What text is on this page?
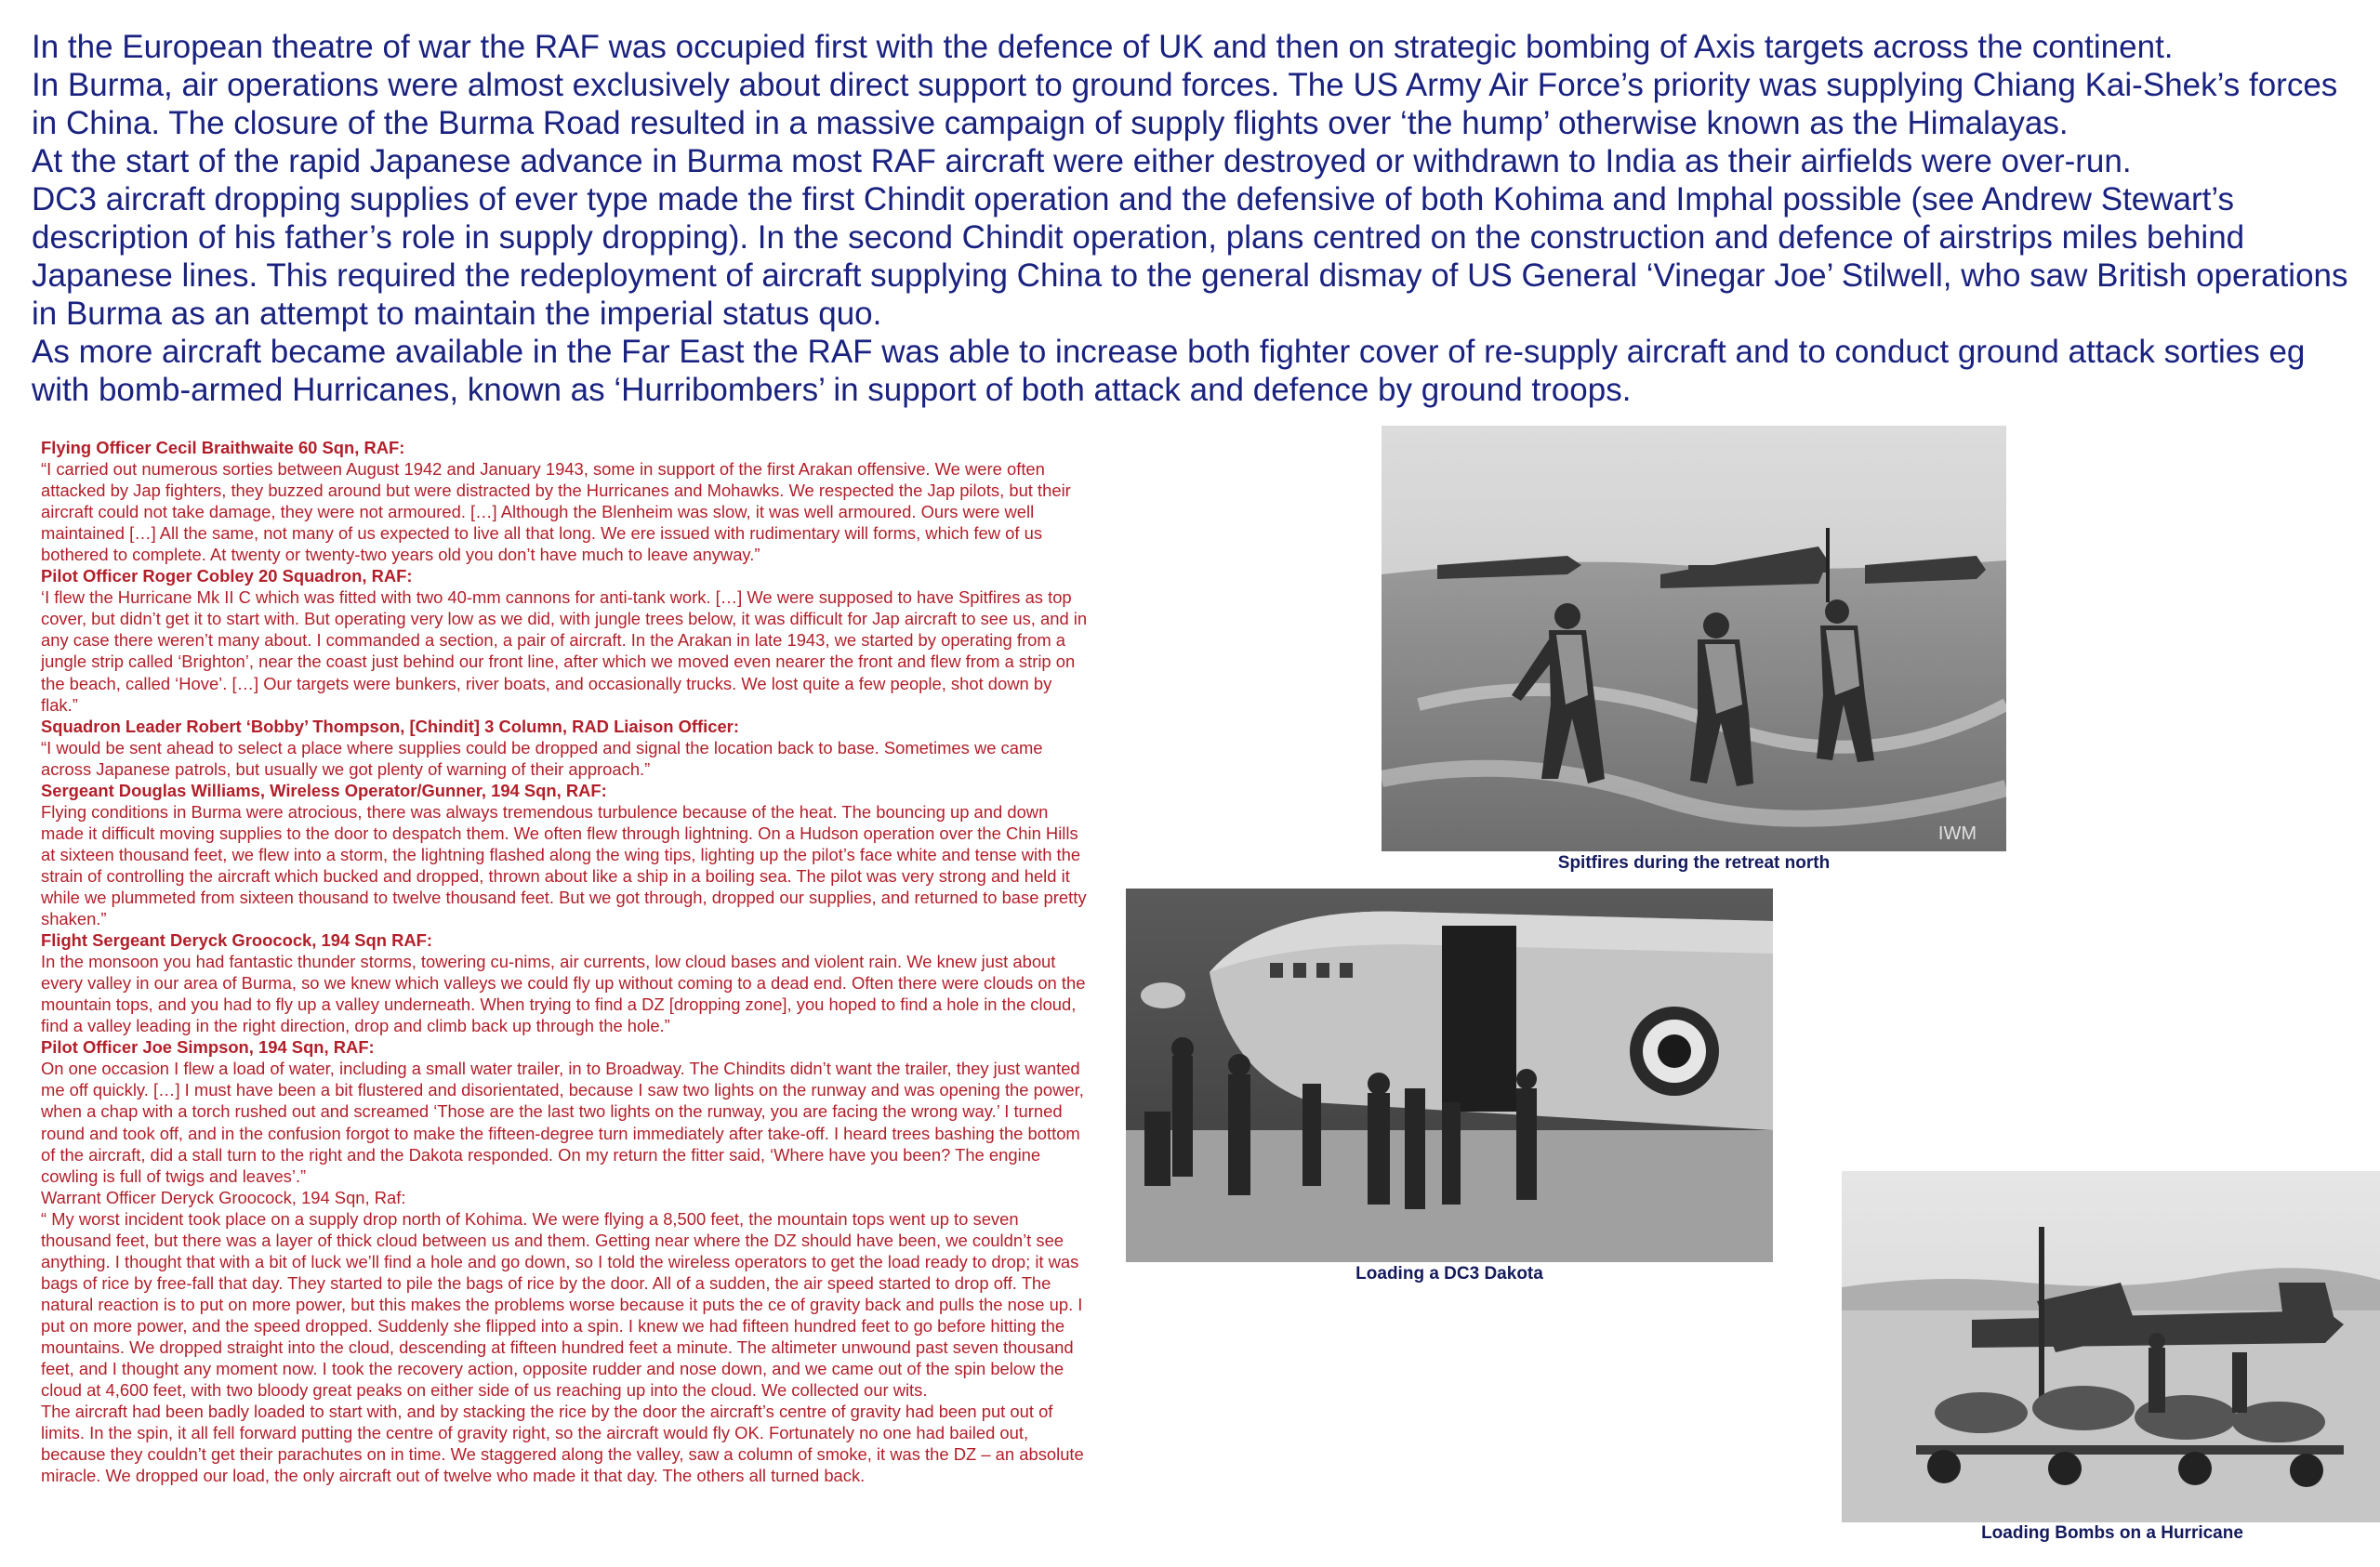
In the European theatre of war the RAF was occupied first with the defence of UK and then on strategic bombing of Axis targets across the continent.

In Burma, air operations were almost exclusively about direct support to ground forces. The US Army Air Force’s priority was supplying Chiang Kai-Shek’s forces in China. The closure of the Burma Road resulted in a massive campaign of supply flights over ‘the hump’ otherwise known as the Himalayas.

At the start of the rapid Japanese advance in Burma most RAF aircraft were either destroyed or withdrawn to India as their airfields were over-run.

DC3 aircraft dropping supplies of ever type made the first Chindit operation and the defensive of both Kohima and Imphal possible (see Andrew Stewart’s description of his father’s role in supply dropping). In the second Chindit operation, plans centred on the construction and defence of airstrips miles behind Japanese lines. This required the redeployment of aircraft supplying China to the general dismay of US General ‘Vinegar Joe’ Stilwell, who saw British operations in Burma as an attempt to maintain the imperial status quo.

As more aircraft became available in the Far East the RAF was able to increase both fighter cover of re-supply aircraft and to conduct ground attack sorties eg with bomb-armed Hurricanes, known as ‘Hurribombers’ in support of both attack and defence by ground troops.

Flying Officer Cecil Braithwaite 60 Sqn, RAF:
“I carried out numerous sorties between August 1942 and January 1943, some in support of the first Arakan offensive. We were often attacked by Jap fighters, they buzzed around but were distracted by the Hurricanes and Mohawks. We respected the Jap pilots, but their aircraft could not take damage, they were not armoured. […] Although the Blenheim was slow, it was well armoured. Ours were well maintained […] All the same, not many of us expected to live all that long. We ere issued with rudimentary will forms, which few of us bothered to complete. At twenty or twenty-two years old you don’t have much to leave anyway.”
Pilot Officer Roger Cobley 20 Squadron, RAF:
‘I flew the Hurricane Mk II C which was fitted with two 40-mm cannons for anti-tank work. […] We were supposed to have Spitfires as top cover, but didn’t get it to start with. But operating very low as we did, with jungle trees below, it was difficult for Jap aircraft to see us, and in any case there weren’t many about. I commanded a section, a pair of aircraft. In the Arakan in late 1943, we started by operating from a jungle strip called ‘Brighton’, near the coast just behind our front line, after which we moved even nearer the front and flew from a strip on the beach, called ‘Hove’. […] Our targets were bunkers, river boats, and occasionally trucks. We lost quite a few people, shot down by flak.”
Squadron Leader Robert ‘Bobby’ Thompson, [Chindit] 3 Column, RAD Liaison Officer:
“I would be sent ahead to select a place where supplies could be dropped and signal the location back to base. Sometimes we came across Japanese patrols, but usually we got plenty of warning of their approach.”
Sergeant Douglas Williams, Wireless Operator/Gunner, 194 Sqn, RAF:
Flying conditions in Burma were atrocious, there was always tremendous turbulence because of the heat. The bouncing up and down made it difficult moving supplies to the door to despatch them. We often flew through lightning. On a Hudson operation over the Chin Hills at sixteen thousand feet, we flew into a storm, the lightning flashed along the wing tips, lighting up the pilot’s face white and tense with the strain of controlling the aircraft which bucked and dropped, thrown about like a ship in a boiling sea. The pilot was very strong and held it while we plummeted from sixteen thousand to twelve thousand feet. But we got through, dropped our supplies, and returned to base pretty shaken.”
Flight Sergeant Deryck Groocock, 194 Sqn RAF:
In the monsoon you had fantastic thunder storms, towering cu-nims, air currents, low cloud bases and violent rain. We knew just about every valley in our area of Burma, so we knew which valleys we could fly up without coming to a dead end. Often there were clouds on the mountain tops, and you had to fly up a valley underneath. When trying to find a DZ [dropping zone], you hoped to find a hole in the cloud, find a valley leading in the right direction, drop and climb back up through the hole.”
Pilot Officer Joe Simpson, 194 Sqn, RAF:
On one occasion I flew a load of water, including a small water trailer, in to Broadway. The Chindits didn’t want the trailer, they just wanted me off quickly. […] I must have been a bit flustered and disorientated, because I saw two lights on the runway and was opening the power, when a chap with a torch rushed out and screamed ‘Those are the last two lights on the runway, you are facing the wrong way.’ I turned round and took off, and in the confusion forgot to make the fifteen-degree turn immediately after take-off. I heard trees bashing the bottom of the aircraft, did a stall turn to the right and the Dakota responded. On my return the fitter said, ‘Where have you been? The engine cowling is full of twigs and leaves’.”
Warrant Officer Deryck Groocock, 194 Sqn, Raf:
“ My worst incident took place on a supply drop north of Kohima. We were flying a 8,500 feet, the mountain tops went up to seven thousand feet, but there was a layer of thick cloud between us and them. Getting near where the DZ should have been, we couldn’t see anything. I thought that with a bit of luck we’ll find a hole and go down, so I told the wireless operators to get the load ready to drop; it was bags of rice by free-fall that day. They started to pile the bags of rice by the door. All of a sudden, the air speed started to drop off. The natural reaction is to put on more power, but this makes the problems worse because it puts the ce of gravity back and pulls the nose up. I put on more power, and the speed dropped. Suddenly she flipped into a spin. I knew we had fifteen hundred feet to go before hitting the mountains. We dropped straight into the cloud, descending at fifteen hundred feet a minute. The altimeter unwound past seven thousand feet, and I thought any moment now. I took the recovery action, opposite rudder and nose down, and we came out of the spin below the cloud at 4,600 feet, with two bloody great peaks on either side of us reaching up into the cloud. We collected our wits.
The aircraft had been badly loaded to start with, and by stacking the rice by the door the aircraft’s centre of gravity had been put out of limits. In the spin, it all fell forward putting the centre of gravity right, so the aircraft would fly OK. Fortunately no one had bailed out, because they couldn’t get their parachutes on in time. We staggered along the valley, saw a column of smoke, it was the DZ – an absolute miracle. We dropped our load, the only aircraft out of twelve who made it that day. The others all turned back.
IWM
Spitfires during the retreat north
Loading a DC3 Dakota
Loading Bombs on a Hurricane
